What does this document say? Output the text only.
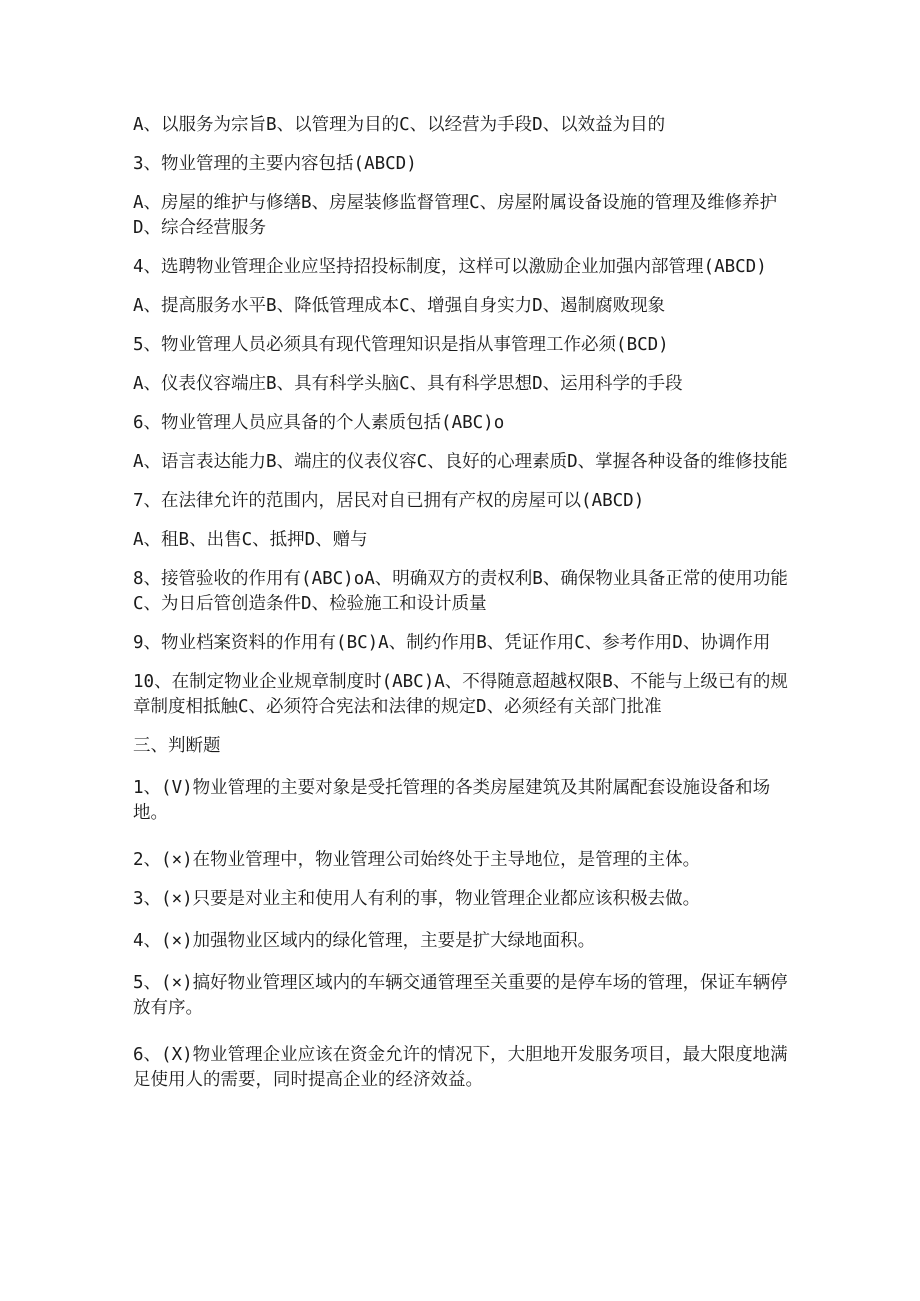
A、以服务为宗旨B、以管理为目的C、以经营为手段D、以效益为目的

3、物业管理的主要内容包括(ABCD)

A、房屋的维护与修缮B、房屋装修监督管理C、房屋附属设备设施的管理及维修养护D、综合经营服务

4、选聘物业管理企业应坚持招投标制度，这样可以激励企业加强内部管理(ABCD)

A、提高服务水平B、降低管理成本C、增强自身实力D、遏制腐败现象

5、物业管理人员必须具有现代管理知识是指从事管理工作必须(BCD)

A、仪表仪容端庄B、具有科学头脑C、具有科学思想D、运用科学的手段

6、物业管理人员应具备的个人素质包括(ABC)o

A、语言表达能力B、端庄的仪表仪容C、良好的心理素质D、掌握各种设备的维修技能

7、在法律允许的范围内，居民对自已拥有产权的房屋可以(ABCD)

A、租B、出售C、抵押D、赠与

8、接管验收的作用有(ABC)oA、明确双方的责权利B、确保物业具备正常的使用功能C、为日后管创造条件D、检验施工和设计质量

9、物业档案资料的作用有(BC)A、制约作用B、凭证作用C、参考作用D、协调作用

10、在制定物业企业规章制度时(ABC)A、不得随意超越权限B、不能与上级已有的规章制度相抵触C、必须符合宪法和法律的规定D、必须经有关部门批准

三、判断题

1、(V)物业管理的主要对象是受托管理的各类房屋建筑及其附属配套设施设备和场地。

2、(×)在物业管理中，物业管理公司始终处于主导地位，是管理的主体。

3、(×)只要是对业主和使用人有利的事，物业管理企业都应该积极去做。

4、(×)加强物业区域内的绿化管理，主要是扩大绿地面积。

5、(×)搞好物业管理区域内的车辆交通管理至关重要的是停车场的管理，保证车辆停放有序。

6、(X)物业管理企业应该在资金允许的情况下，大胆地开发服务项目，最大限度地满足使用人的需要，同时提高企业的经济效益。
